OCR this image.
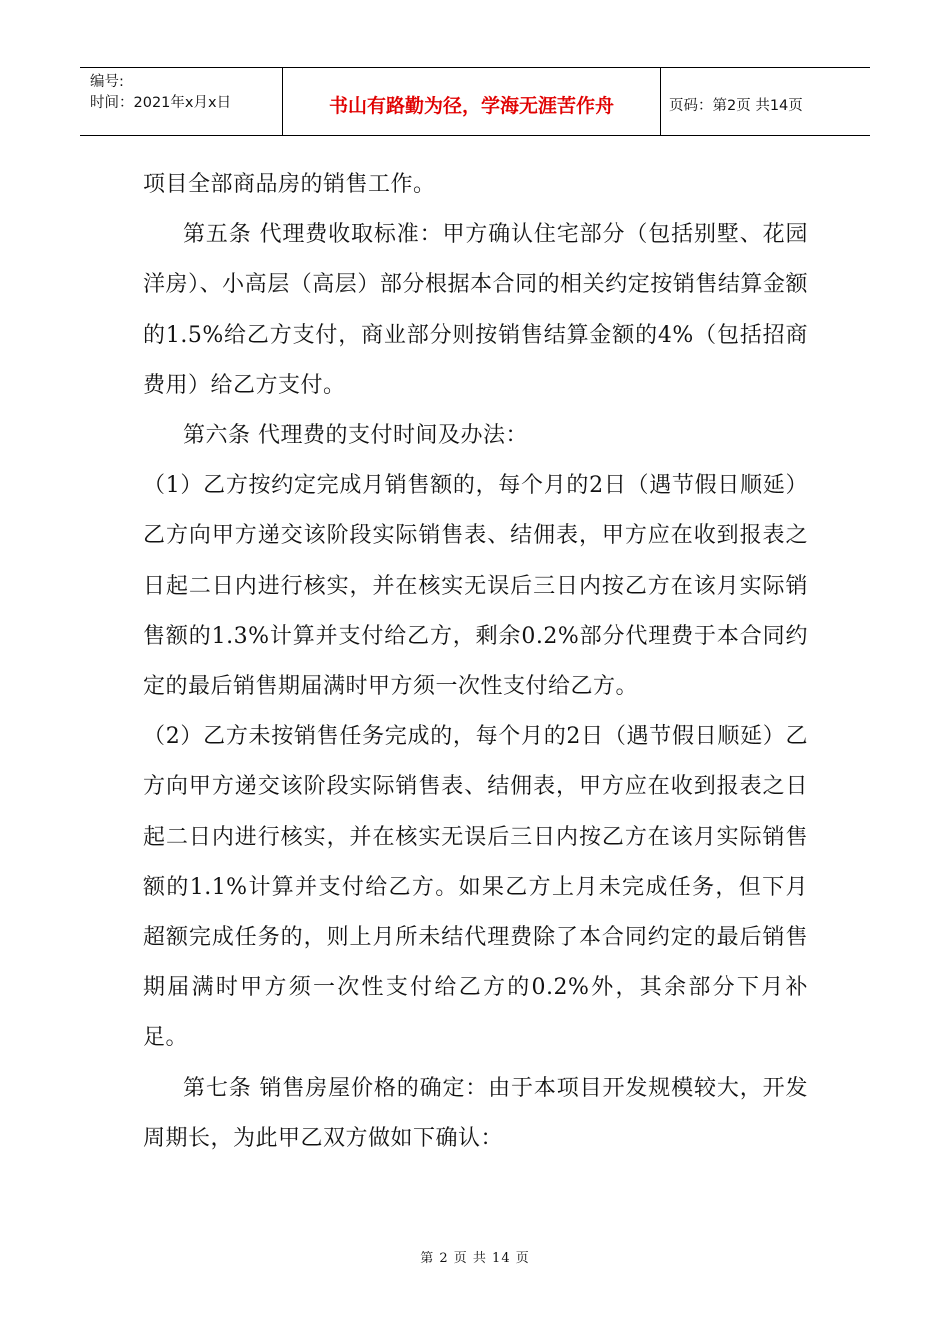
编号:
时间：2021年x月x日	书山有路勤为径，学海无涯苦作舟	页码：第2页 共14页

项目全部商品房的销售工作。

第五条 代理费收取标准：甲方确认住宅部分（包括别墅、花园洋房）、小高层（高层）部分根据本合同的相关约定按销售结算金额的1.5%给乙方支付，商业部分则按销售结算金额的4%（包括招商费用）给乙方支付。

第六条 代理费的支付时间及办法：

（1）乙方按约定完成月销售额的，每个月的2日（遇节假日顺延）乙方向甲方递交该阶段实际销售表、结佣表，甲方应在收到报表之日起二日内进行核实，并在核实无误后三日内按乙方在该月实际销售额的1.3%计算并支付给乙方，剩余0.2%部分代理费于本合同约定的最后销售期届满时甲方须一次性支付给乙方。

（2）乙方未按销售任务完成的，每个月的2日（遇节假日顺延）乙方向甲方递交该阶段实际销售表、结佣表，甲方应在收到报表之日起二日内进行核实，并在核实无误后三日内按乙方在该月实际销售额的1.1%计算并支付给乙方。如果乙方上月未完成任务，但下月超额完成任务的，则上月所未结代理费除了本合同约定的最后销售期届满时甲方须一次性支付给乙方的0.2%外，其余部分下月补足。

第七条 销售房屋价格的确定：由于本项目开发规模较大，开发周期长，为此甲乙双方做如下确认：

第 2 页 共 14 页
